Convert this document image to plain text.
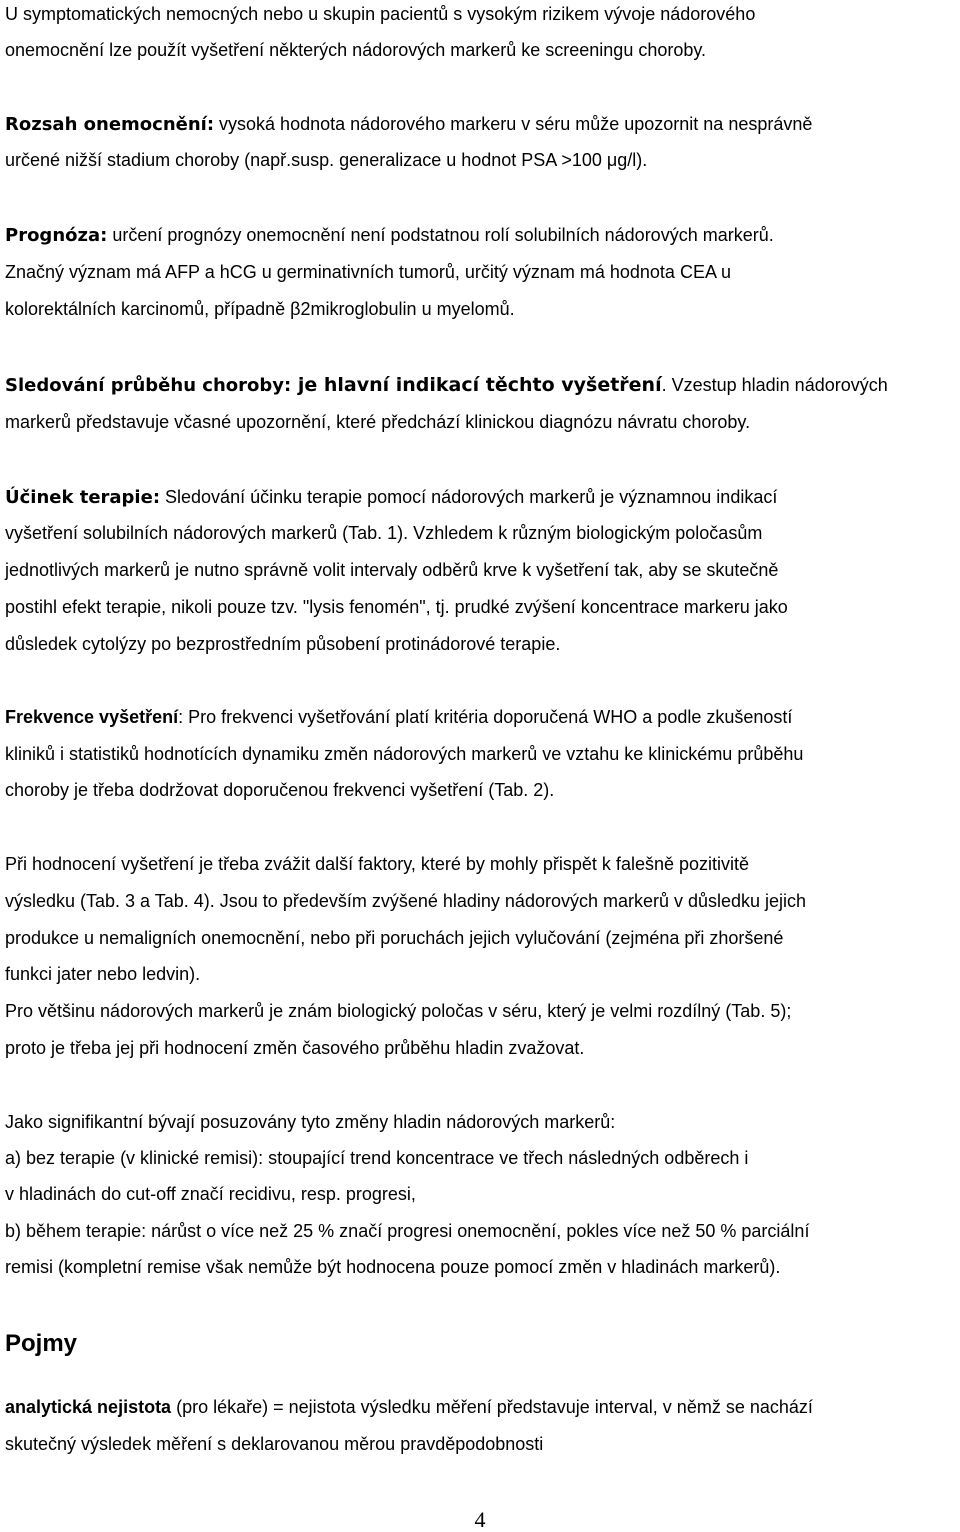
U symptomatických nemocných nebo u skupin pacientů s vysokým rizikem vývoje nádorového
onemocnění lze použít vyšetření některých nádorových markerů ke screeningu choroby.
Rozsah onemocnění: vysoká hodnota nádorového markeru v séru může upozornit na nesprávně
určené nižší stadium choroby (např.susp. generalizace u hodnot PSA >100 μg/l).
Prognóza: určení prognózy onemocnění není podstatnou rolí solubilních nádorových markerů.
Značný význam má AFP a hCG u germinativních tumorů, určitý význam má hodnota CEA u
kolorektálních karcinomů, případně β2mikroglobulin u myelomů.
Sledování průběhu choroby: je hlavní indikací těchto vyšetření. Vzestup hladin nádorových
markerů představuje včasné upozornění, které předchází klinickou diagnózu návratu choroby.
Účinek terapie: Sledování účinku terapie pomocí nádorových markerů je významnou indikací
vyšetření solubilních nádorových markerů (Tab. 1). Vzhledem k různým biologickým poločasům
jednotlivých markerů je nutno správně volit intervaly odběrů krve k vyšetření tak, aby se skutečně
postihl efekt terapie, nikoli pouze tzv. "lysis fenomén", tj. prudké zvýšení koncentrace markeru jako
důsledek cytolýzy po bezprostředním působení protinádorové terapie.
Frekvence vyšetření: Pro frekvenci vyšetřování platí kritéria doporučená WHO a podle zkušeností
kliniků i statistiků hodnotících dynamiku změn nádorových markerů ve vztahu ke klinickému průběhu
choroby je třeba dodržovat doporučenou frekvenci vyšetření (Tab. 2).
Při hodnocení vyšetření je třeba zvážit další faktory, které by mohly přispět k falešně pozitivitě
výsledku (Tab. 3 a Tab. 4). Jsou to především zvýšené hladiny nádorových markerů v důsledku jejich
produkce u nemaligních onemocnění, nebo při poruchách jejich vylučování (zejména při zhoršené
funkci jater nebo ledvin).
Pro většinu nádorových markerů je znám biologický poločas v séru, který je velmi rozdílný (Tab. 5);
proto je třeba jej při hodnocení změn časového průběhu hladin zvažovat.
Jako signifikantní bývají posuzovány tyto změny hladin nádorových markerů:
a) bez terapie (v klinické remisi): stoupající trend koncentrace ve třech následných odběrech i
v hladinách do cut-off značí recidivu, resp. progresi,
b) během terapie: nárůst o více než 25 % značí progresi onemocnění, pokles více než 50 % parciální
remisi (kompletní remise však nemůže být hodnocena pouze pomocí změn v hladinách markerů).
Pojmy
analytická nejistota (pro lékaře) = nejistota výsledku měření představuje interval, v němž se nachází
skutečný výsledek měření s deklarovanou měrou pravděpodobnosti
4
